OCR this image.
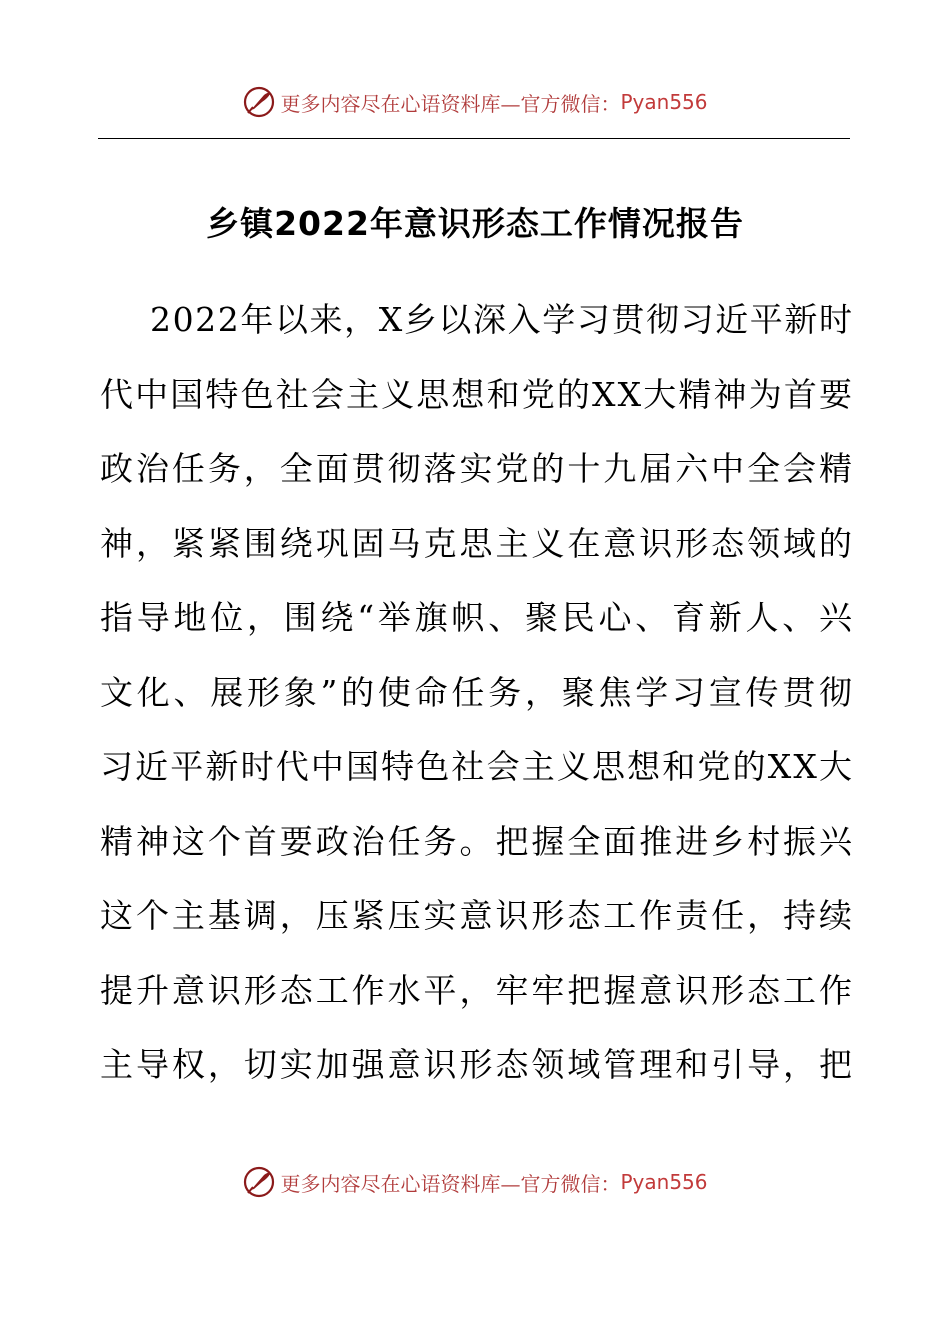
更多内容尽在心语资料库—官方微信： Pyan556
乡镇2022年意识形态工作情况报告
2022年以来，X乡以深入学习贯彻习近平新时
代中国特色社会主义思想和党的XX大精神为首要
政治任务，全面贯彻落实党的十九届六中全会精
神，紧紧围绕巩固马克思主义在意识形态领域的
指导地位，围绕“举旗帜、聚民心、育新人、兴
文化、展形象”的使命任务，聚焦学习宣传贯彻
习近平新时代中国特色社会主义思想和党的XX大
精神这个首要政治任务。把握全面推进乡村振兴
这个主基调，压紧压实意识形态工作责任，持续
提升意识形态工作水平，牢牢把握意识形态工作
主导权，切实加强意识形态领域管理和引导，把
更多内容尽在心语资料库—官方微信： Pyan556
